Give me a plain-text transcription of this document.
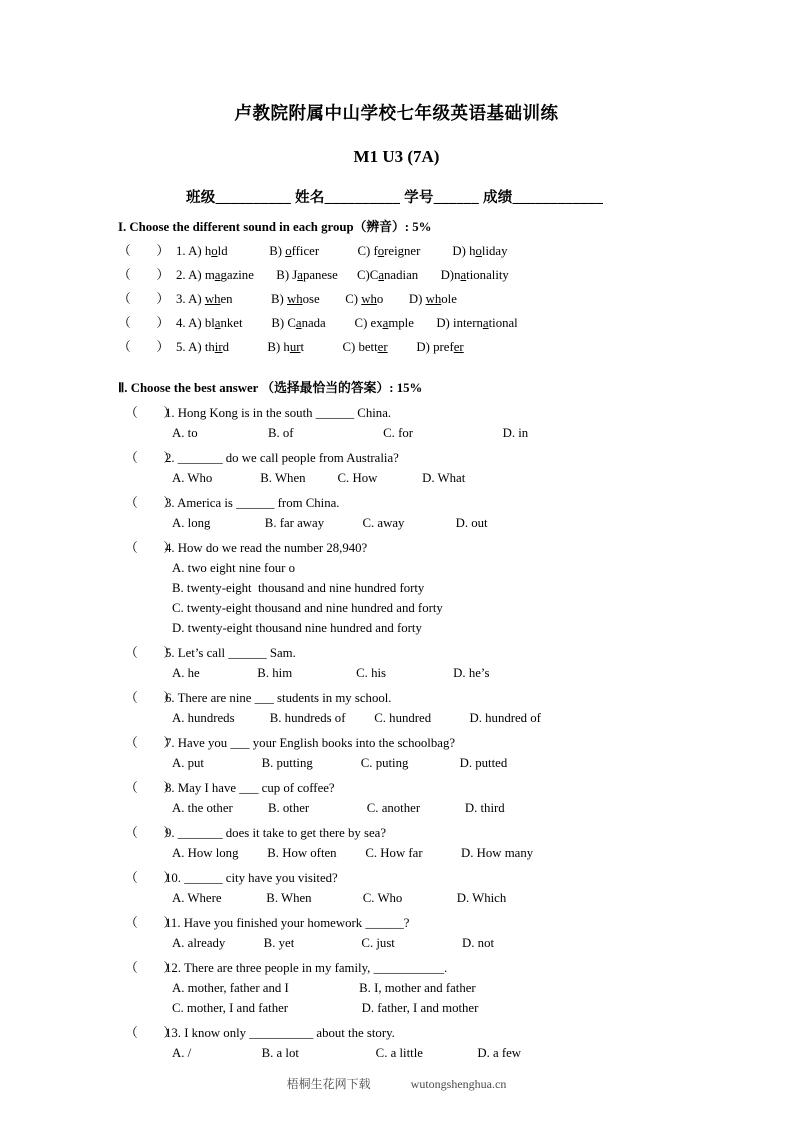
卢教院附属中山学校七年级英语基础训练
M1 U3 (7A)
班级__________ 姓名__________ 学号______ 成绩____________
I. Choose the different sound in each group（辨音）: 5%
（        ） 1. A) hold	B) officer	C) foreigner	D) holiday
（        ） 2. A) magazine B) Japanese C)Canadian D)nationality
（        ） 3. A) when	B) whose C) who D) whole
（        ） 4. A) blanket B) Canada C) example D) international
（        ） 5. A) third	B) hurt	C) better D) prefer
Ⅱ. Choose the best answer （选择最恰当的答案）: 15%
（        ）1. Hong Kong is in the south ______ China.
A. to                      B. of                            C. for                            D. in
（        ）2. _______ do we call people from Australia?
A. Who               B. When          C. How              D. What
（        ）3. America is ______ from China.
A. long                 B. far away            C. away                D. out
（        ）4. How do we read the number 28,940?
A. two eight nine four o
B. twenty-eight  thousand and nine hundred forty
C. twenty-eight thousand and nine hundred and forty
D. twenty-eight thousand nine hundred and forty
（        ）5. Let’s call ______ Sam.
A. he                  B. him                    C. his                     D. he’s
（        ）6. There are nine ___ students in my school.
A. hundreds           B. hundreds of         C. hundred            D. hundred of
（        ）7. Have you ___ your English books into the schoolbag?
A. put                  B. putting               C. puting                D. putted
（        ）8. May I have ___ cup of coffee?
A. the other           B. other                  C. another              D. third
（        ）9. _______ does it take to get there by sea?
A. How long         B. How often         C. How far            D. How many
（        ）10. ______ city have you visited?
A. Where              B. When                C. Who                 D. Which
（        ）11. Have you finished your homework ______?
A. already            B. yet                     C. just                     D. not
（        ）12. There are three people in my family, ___________.
A. mother, father and I                      B. I, mother and father
C. mother, I and father                       D. father, I and mother
（        ）13. I know only __________ about the story.
A. /                      B. a lot                        C. a little                 D. a few
梧桐生花网下载	wutongshenghua.cn
